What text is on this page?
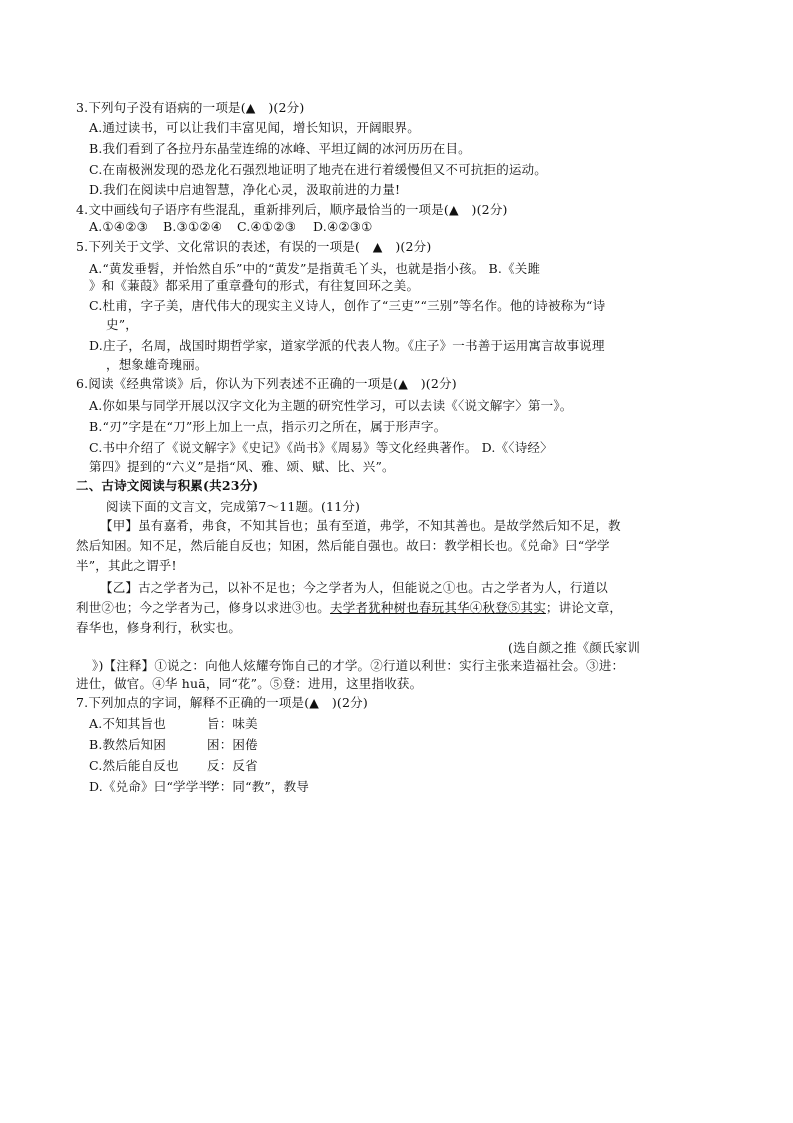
3.下列句子没有语病的一项是(▲　)(2分)
A.通过读书，可以让我们丰富见闻，增长知识，开阔眼界。
B.我们看到了各拉丹东晶莹连绵的冰峰、平坦辽阔的冰河历历在目。
C.在南极洲发现的恐龙化石强烈地证明了地壳在进行着缓慢但又不可抗拒的运动。
D.我们在阅读中启迪智慧，净化心灵，汲取前进的力量!
4.文中画线句子语序有些混乱，重新排列后，顺序最恰当的一项是(▲　)(2分)
A.①④②③ B.③①②④ C.④①②③ D.④②③①
5.下列关于文学、文化常识的表述，有误的一项是(　▲　)(2分)
A.“黄发垂髫，并怡然自乐”中的“黄发”是指黄毛丫头，也就是指小孩。 B.《关雎
》和《蒹葭》都采用了重章叠句的形式，有往复回环之美。
C.杜甫，字子美，唐代伟大的现实主义诗人，创作了“三吏”“三别”等名作。他的诗被称为“诗
史”，
D.庄子，名周，战国时期哲学家，道家学派的代表人物。《庄子》一书善于运用寓言故事说理
，想象雄奇瑰丽。
6.阅读《经典常谈》后，你认为下列表述不正确的一项是(▲　)(2分)
A.你如果与同学开展以汉字文化为主题的研究性学习，可以去读《〈说文解字〉第一》。
B.“刃”字是在“刀”形上加上一点，指示刃之所在，属于形声字。
C.书中介绍了《说文解字》《史记》《尚书》《周易》等文化经典著作。 D.《〈诗经〉
第四》提到的“六义”是指“风、雅、颂、赋、比、兴”。
二、古诗文阅读与积累(共23分)
阅读下面的文言文，完成第7～11题。(11分)
【甲】虽有嘉肴，弗食，不知其旨也；虽有至道，弗学，不知其善也。是故学然后知不足，教
然后知困。知不足，然后能自反也；知困，然后能自强也。故曰：教学相长也。《兑命》曰“学学
半”，其此之谓乎!
【乙】古之学者为己，以补不足也；今之学者为人，但能说之①也。古之学者为人，行道以
利世②也；今之学者为己，修身以求进③也。夫学者犹种树也春玩其华④秋登⑤其实；讲论文章，
春华也，修身利行，秋实也。
(选自颜之推《颜氏家训
》)【注释】①说之：向他人炫耀夸饰自己的才学。②行道以利世：实行主张来造福社会。③进：
进仕，做官。④华 huā，同“花”。⑤登：进用，这里指收获。
7.下列加点的字词，解释不正确的一项是(▲　)(2分)
A.不知其旨也	旨：味美
B.教然后知困	困：困倦
C.然后能自反也 反：反省
D.《兑命》曰“学学半”学：同“教”，教导
